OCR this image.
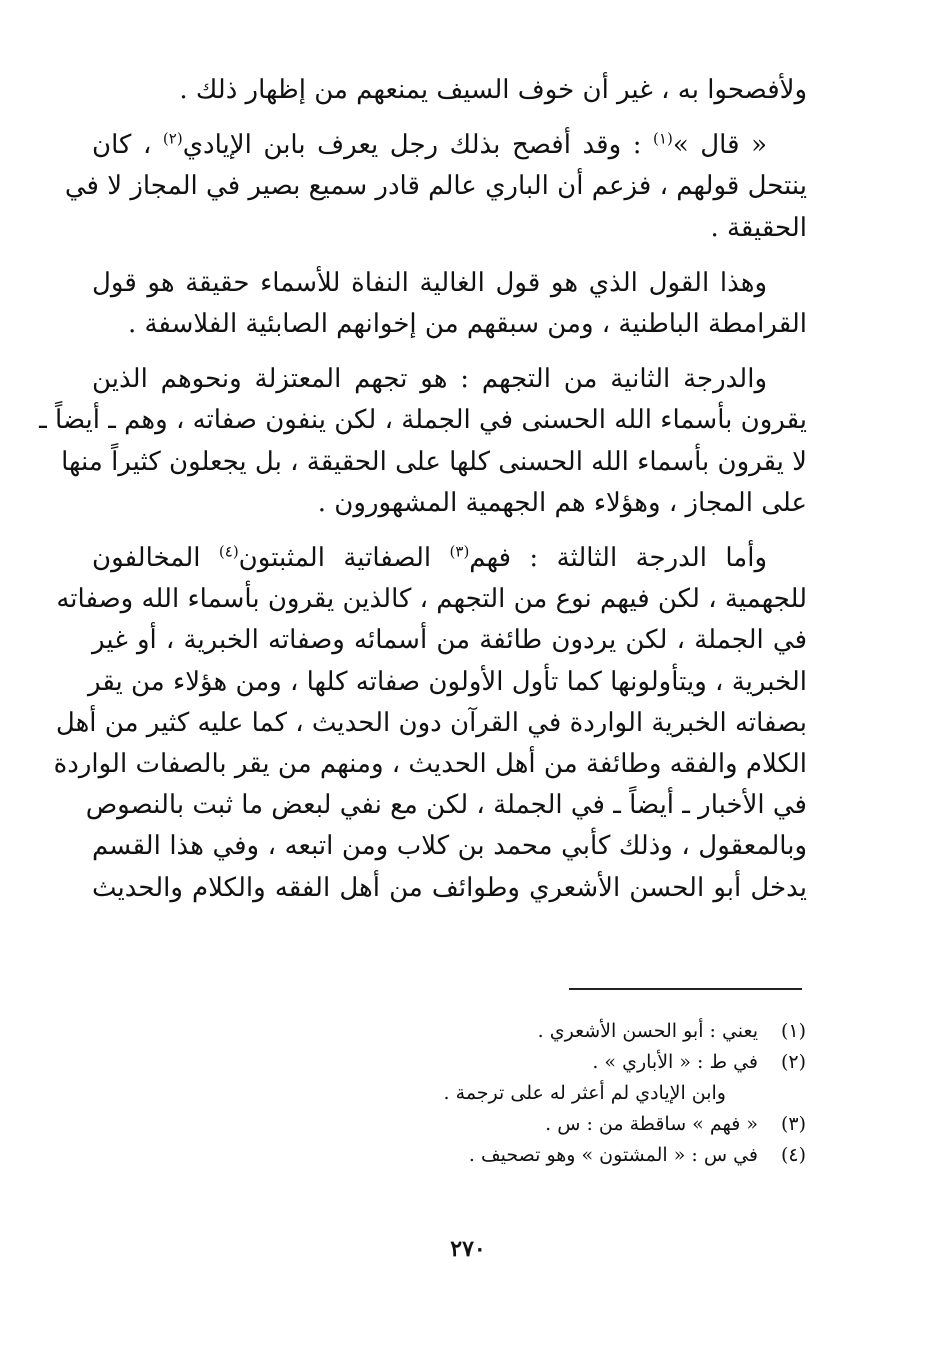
ولأفصحوا به ، غير أن خوف السيف يمنعهم من إظهار ذلك .

« قال »$^{(١)}$ : وقد أفصح بذلك رجل يعرف بابن الإيادي$^{(٢)}$ ، كان
ينتحل قولهم ، فزعم أن الباري عالم قادر سميع بصير في المجاز لا في
الحقيقة .

وهذا القول الذي هو قول الغالية النفاة للأسماء حقيقة هو قول
القرامطة الباطنية ، ومن سبقهم من إخوانهم الصابئية الفلاسفة .

والدرجة الثانية من التجهم : هو تجهم المعتزلة ونحوهم الذين
يقرون بأسماء الله الحسنى في الجملة ، لكن ينفون صفاته ، وهم ـ أيضاً ـ
لا يقرون بأسماء الله الحسنى كلها على الحقيقة ، بل يجعلون كثيراً منها
على المجاز ، وهؤلاء هم الجهمية المشهورون .

وأما الدرجة الثالثة : فهم$^{(٣)}$ الصفاتية المثبتون$^{(٤)}$ المخالفون
للجهمية ، لكن فيهم نوع من التجهم ، كالذين يقرون بأسماء الله وصفاته
في الجملة ، لكن يردون طائفة من أسمائه وصفاته الخبرية ، أو غير
الخبرية ، ويتأولونها كما تأول الأولون صفاته كلها ، ومن هؤلاء من يقر
بصفاته الخبرية الواردة في القرآن دون الحديث ، كما عليه كثير من أهل
الكلام والفقه وطائفة من أهل الحديث ، ومنهم من يقر بالصفات الواردة
في الأخبار ـ أيضاً ـ في الجملة ، لكن مع نفي لبعض ما ثبت بالنصوص
وبالمعقول ، وذلك كأبي محمد بن كلاب ومن اتبعه ، وفي هذا القسم
يدخل أبو الحسن الأشعري وطوائف من أهل الفقه والكلام والحديث

(١)يعني : أبو الحسن الأشعري .
(٢)في ط : « الأباري » .
وابن الإيادي لم أعثر له على ترجمة .
(٣)« فهم » ساقطة من : س .
(٤)في س : « المشتون » وهو تصحيف .
٢٧٠
